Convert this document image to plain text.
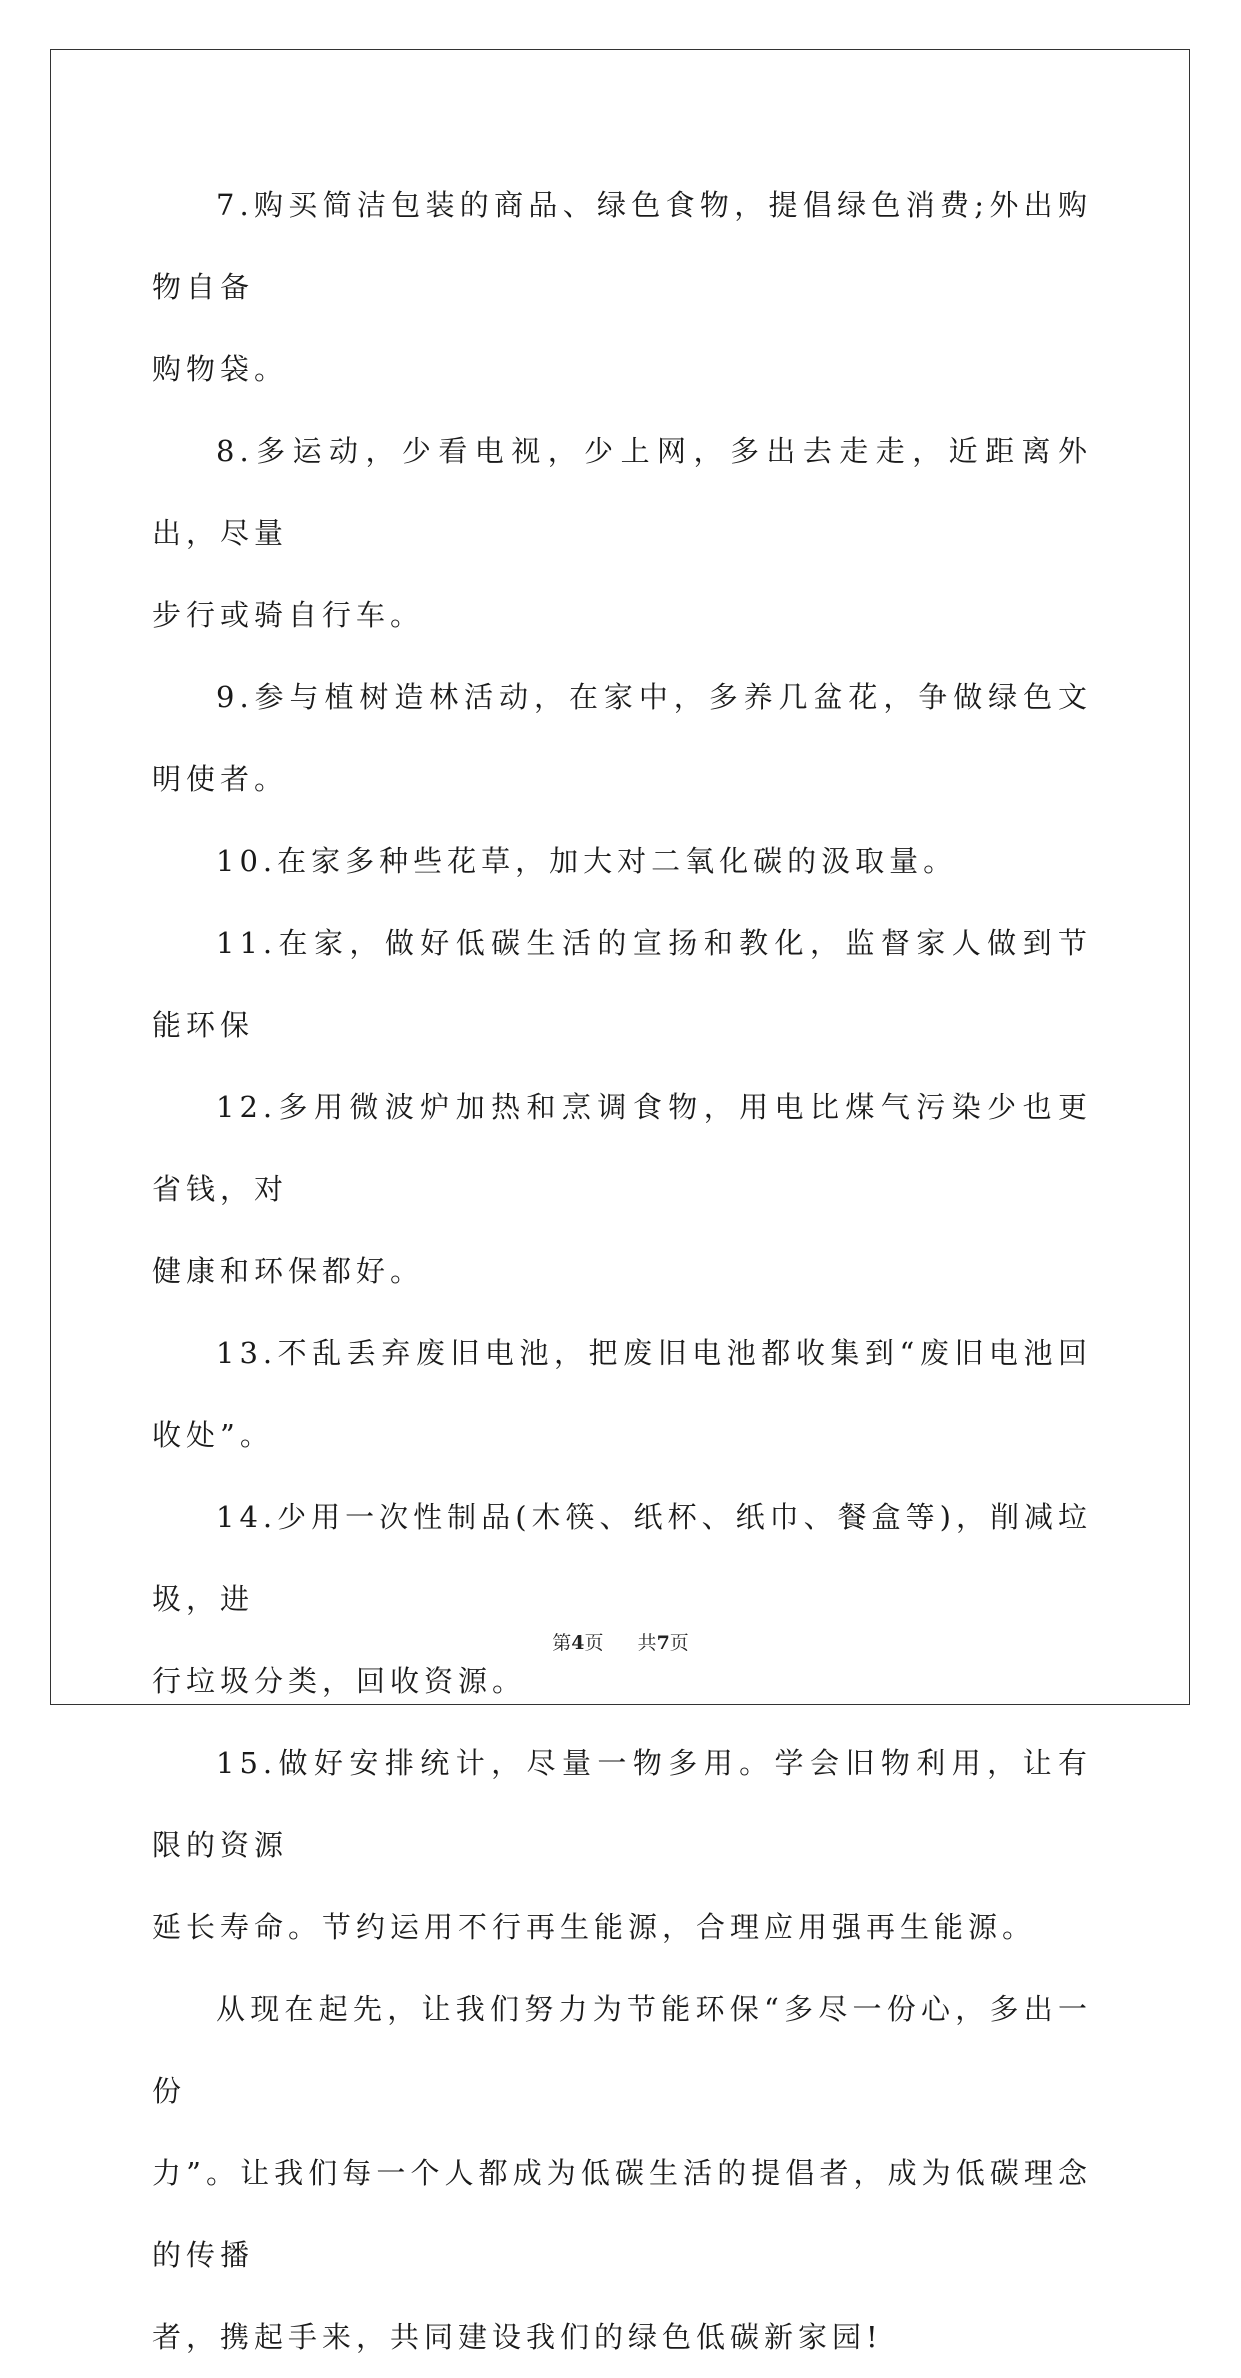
7.购买简洁包装的商品、绿色食物，提倡绿色消费;外出购物自备
购物袋。

8.多运动，少看电视，少上网，多出去走走，近距离外出，尽量
步行或骑自行车。

9.参与植树造林活动，在家中，多养几盆花，争做绿色文明使者。

10.在家多种些花草，加大对二氧化碳的汲取量。

11.在家，做好低碳生活的宣扬和教化，监督家人做到节能环保

12.多用微波炉加热和烹调食物，用电比煤气污染少也更省钱，对
健康和环保都好。

13.不乱丢弃废旧电池，把废旧电池都收集到“废旧电池回收处”。

14.少用一次性制品(木筷、纸杯、纸巾、餐盒等)，削减垃圾，进
行垃圾分类，回收资源。

15.做好安排统计，尽量一物多用。学会旧物利用，让有限的资源
延长寿命。节约运用不行再生能源，合理应用强再生能源。

从现在起先，让我们努力为节能环保“多尽一份心，多出一份
力”。让我们每一个人都成为低碳生活的提倡者，成为低碳理念的传播
者，携起手来，共同建设我们的绿色低碳新家园!

第4页 共7页
